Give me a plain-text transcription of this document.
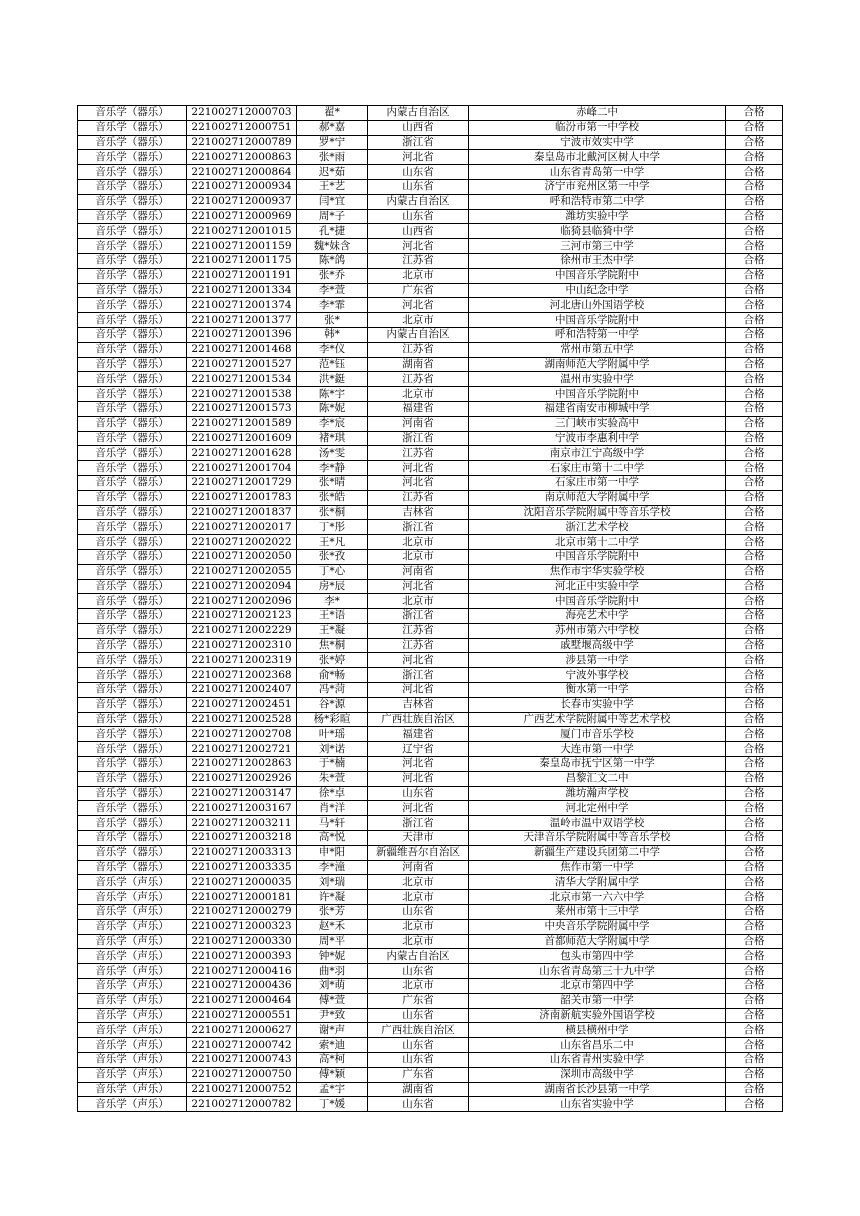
音乐学（器乐）	221002712000703	翟*	内蒙古自治区	赤峰二中	合格
音乐学（器乐）	221002712000751	郝*嘉	山西省	临汾市第一中学校	合格
音乐学（器乐）	221002712000789	罗*宁	浙江省	宁波市效实中学	合格
音乐学（器乐）	221002712000863	张*雨	河北省	秦皇岛市北戴河区树人中学	合格
音乐学（器乐）	221002712000864	迟*茹	山东省	山东省青岛第一中学	合格
音乐学（器乐）	221002712000934	王*艺	山东省	济宁市兖州区第一中学	合格
音乐学（器乐）	221002712000937	闫*宜	内蒙古自治区	呼和浩特市第二中学	合格
音乐学（器乐）	221002712000969	周*子	山东省	潍坊实验中学	合格
音乐学（器乐）	221002712001015	孔*捷	山西省	临猗县临猗中学	合格
音乐学（器乐）	221002712001159	魏*妹含	河北省	三河市第三中学	合格
音乐学（器乐）	221002712001175	陈*鸽	江苏省	徐州市王杰中学	合格
音乐学（器乐）	221002712001191	张*乔	北京市	中国音乐学院附中	合格
音乐学（器乐）	221002712001334	李*萱	广东省	中山纪念中学	合格
音乐学（器乐）	221002712001374	李*霏	河北省	河北唐山外国语学校	合格
音乐学（器乐）	221002712001377	张*	北京市	中国音乐学院附中	合格
音乐学（器乐）	221002712001396	韩*	内蒙古自治区	呼和浩特第一中学	合格
音乐学（器乐）	221002712001468	李*仪	江苏省	常州市第五中学	合格
音乐学（器乐）	221002712001527	范*钰	湖南省	湖南师范大学附属中学	合格
音乐学（器乐）	221002712001534	洪*鋌	江苏省	温州市实验中学	合格
音乐学（器乐）	221002712001538	陈*宇	北京市	中国音乐学院附中	合格
音乐学（器乐）	221002712001573	陈*妮	福建省	福建省南安市柳城中学	合格
音乐学（器乐）	221002712001589	李*宸	河南省	三门峡市实验高中	合格
音乐学（器乐）	221002712001609	褚*琪	浙江省	宁波市李惠利中学	合格
音乐学（器乐）	221002712001628	汤*雯	江苏省	南京市江宁高级中学	合格
音乐学（器乐）	221002712001704	李*静	河北省	石家庄市第十二中学	合格
音乐学（器乐）	221002712001729	张*晴	河北省	石家庄市第一中学	合格
音乐学（器乐）	221002712001783	张*皓	江苏省	南京师范大学附属中学	合格
音乐学（器乐）	221002712001837	张*桐	吉林省	沈阳音乐学院附属中等音乐学校	合格
音乐学（器乐）	221002712002017	丁*彤	浙江省	浙江艺术学校	合格
音乐学（器乐）	221002712002022	王*凡	北京市	北京市第十二中学	合格
音乐学（器乐）	221002712002050	张*孜	北京市	中国音乐学院附中	合格
音乐学（器乐）	221002712002055	丁*心	河南省	焦作市宇华实验学校	合格
音乐学（器乐）	221002712002094	房*辰	河北省	河北正中实验中学	合格
音乐学（器乐）	221002712002096	李*	北京市	中国音乐学院附中	合格
音乐学（器乐）	221002712002123	王*语	浙江省	海亮艺术中学	合格
音乐学（器乐）	221002712002229	王*凝	江苏省	苏州市第六中学校	合格
音乐学（器乐）	221002712002310	焦*桐	江苏省	戚墅堰高级中学	合格
音乐学（器乐）	221002712002319	张*婷	河北省	涉县第一中学	合格
音乐学（器乐）	221002712002368	俞*畅	浙江省	宁波外事学校	合格
音乐学（器乐）	221002712002407	冯*菏	河北省	衡水第一中学	合格
音乐学（器乐）	221002712002451	谷*源	吉林省	长春市实验中学	合格
音乐学（器乐）	221002712002528	杨*彩暄	广西壮族自治区	广西艺术学院附属中等艺术学校	合格
音乐学（器乐）	221002712002708	叶*瑶	福建省	厦门市音乐学校	合格
音乐学（器乐）	221002712002721	刘*诺	辽宁省	大连市第一中学	合格
音乐学（器乐）	221002712002863	于*楠	河北省	秦皇岛市抚宁区第一中学	合格
音乐学（器乐）	221002712002926	朱*萱	河北省	昌黎汇文二中	合格
音乐学（器乐）	221002712003147	徐*卓	山东省	潍坊瀚声学校	合格
音乐学（器乐）	221002712003167	肖*洋	河北省	河北定州中学	合格
音乐学（器乐）	221002712003211	马*轩	浙江省	温岭市温中双语学校	合格
音乐学（器乐）	221002712003218	高*悦	天津市	天津音乐学院附属中等音乐学校	合格
音乐学（器乐）	221002712003313	申*阳	新疆维吾尔自治区	新疆生产建设兵团第二中学	合格
音乐学（器乐）	221002712003335	李*潼	河南省	焦作市第一中学	合格
音乐学（声乐）	221002712000035	刘*瑞	北京市	清华大学附属中学	合格
音乐学（声乐）	221002712000181	许*凝	北京市	北京市第一六六中学	合格
音乐学（声乐）	221002712000279	张*芳	山东省	莱州市第十三中学	合格
音乐学（声乐）	221002712000323	赵*禾	北京市	中央音乐学院附属中学	合格
音乐学（声乐）	221002712000330	周*平	北京市	首都师范大学附属中学	合格
音乐学（声乐）	221002712000393	钟*妮	内蒙古自治区	包头市第四中学	合格
音乐学（声乐）	221002712000416	曲*羽	山东省	山东省青岛第三十九中学	合格
音乐学（声乐）	221002712000436	刘*萌	北京市	北京市第四中学	合格
音乐学（声乐）	221002712000464	傅*萱	广东省	韶关市第一中学	合格
音乐学（声乐）	221002712000551	尹*致	山东省	济南新航实验外国语学校	合格
音乐学（声乐）	221002712000627	谢*声	广西壮族自治区	横县横州中学	合格
音乐学（声乐）	221002712000742	索*迪	山东省	山东省昌乐二中	合格
音乐学（声乐）	221002712000743	高*柯	山东省	山东省青州实验中学	合格
音乐学（声乐）	221002712000750	傅*颖	广东省	深圳市高级中学	合格
音乐学（声乐）	221002712000752	孟*宇	湖南省	湖南省长沙县第一中学	合格
音乐学（声乐）	221002712000782	丁*媛	山东省	山东省实验中学	合格
